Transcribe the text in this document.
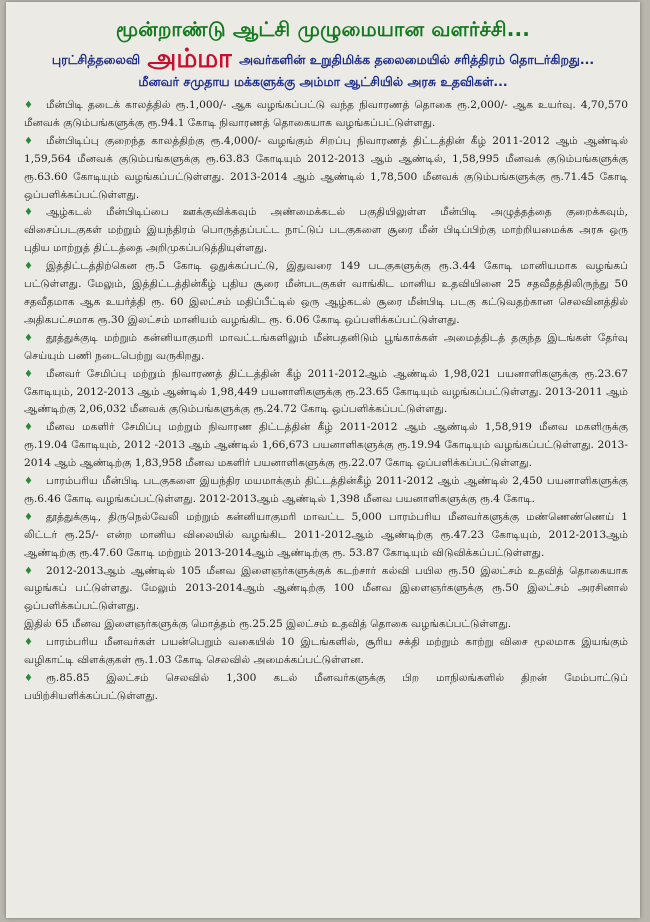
மூன்றாண்டு ஆட்சி முழுமையான வளர்ச்சி...
புரட்சித்தலைவி அம்மா அவர்களின் உறுதிமிக்க தலைமையில் சரித்திரம் தொடர்கிறது...
மீனவர் சமுதாய மக்களுக்கு அம்மா ஆட்சியில் அரசு உதவிகள்...

♦ மீன்பிடி தடைக் காலத்தில் ரூ.1,000/- ஆக வழங்கப்பட்டு வந்த நிவாரணத் தொகை ரூ.2,000/- ஆக உயர்வு. 4,70,570 மீனவக் குடும்பங்களுக்கு ரூ.94.1 கோடி நிவாரணத் தொகையாக வழங்கப்பட்டுள்ளது.

♦ மீன்பிடிப்பு குறைந்த காலத்திற்கு ரூ.4,000/- வழங்கும் சிறப்பு நிவாரணத் திட்டத்தின் கீழ் 2011-2012 ஆம் ஆண்டில் 1,59,564 மீனவக் குடும்பங்களுக்கு ரூ.63.83 கோடியும் 2012-2013 ஆம் ஆண்டில், 1,58,995 மீனவக் குடும்பங்களுக்கு ரூ.63.60 கோடியும் வழங்கப்பட்டுள்ளது. 2013-2014 ஆம் ஆண்டில் 1,78,500 மீனவக் குடும்பங்களுக்கு ரூ.71.45 கோடி ஒப்பளிக்கப்பட்டுள்ளது.

♦ ஆழ்கடல் மீன்பிடிப்பை ஊக்குவிக்கவும் அண்மைக்கடல் பகுதியிலுள்ள மீன்பிடி அழுத்தத்தை குறைக்கவும், விசைப்படகுகள் மற்றும் இயந்திரம் பொருத்தப்பட்ட நாட்டுப் படகுகளை சூரை மீன் பிடிப்பிற்கு மாற்றியமைக்க அரசு ஒரு புதிய மாற்றுத் திட்டத்தை அறிமுகப்படுத்தியுள்ளது.

♦ இத்திட்டத்திற்கென ரூ.5 கோடி ஒதுக்கப்பட்டு, இதுவரை 149 படகுகளுக்கு ரூ.3.44 கோடி மானியமாக வழங்கப் பட்டுள்ளது. மேலும், இத்திட்டத்தின்கீழ் புதிய சூரை மீன்படகுகள் வாங்கிட மானிய உதவியினை 25 சதவீதத்திலிருந்து 50 சதவீதமாக ஆக உயர்த்தி ரூ. 60 இலட்சம் மதிப்பீட்டில் ஒரு ஆழ்கடல் சூரை மீன்பிடி படகு கட்டுவதற்கான செலவினத்தில் அதிகபட்சமாக ரூ.30 இலட்சம் மானியம் வழங்கிட ரூ. 6.06 கோடி ஒப்பளிக்கப்பட்டுள்ளது.

♦ தூத்துக்குடி மற்றும் கன்னியாகுமரி மாவட்டங்களிலும் மீன்பதனிடும் பூங்காக்கள் அமைத்திடத் தகுந்த இடங்கள் தேர்வு செய்யும் பணி நடைபெற்று வருகிறது.

♦ மீனவர் சேமிப்பு மற்றும் நிவாரணத் திட்டத்தின் கீழ் 2011-2012ஆம் ஆண்டில் 1,98,021 பயனாளிகளுக்கு ரூ.23.67 கோடியும், 2012-2013 ஆம் ஆண்டில் 1,98,449 பயனாளிகளுக்கு ரூ.23.65 கோடியும் வழங்கப்பட்டுள்ளது. 2013-2011 ஆம் ஆண்டிற்கு 2,06,032 மீனவக் குடும்பங்களுக்கு ரூ.24.72 கோடி ஒப்பளிக்கப்பட்டுள்ளது.

♦ மீனவ மகளிர் சேமிப்பு மற்றும் நிவாரண திட்டத்தின் கீழ் 2011-2012 ஆம் ஆண்டில் 1,58,919 மீனவ மகளிருக்கு ரூ.19.04 கோடியும், 2012 -2013 ஆம் ஆண்டில் 1,66,673 பயனாளிகளுக்கு ரூ.19.94 கோடியும் வழங்கப்பட்டுள்ளது. 2013-2014 ஆம் ஆண்டிற்கு 1,83,958 மீனவ மகளிர் பயனாளிகளுக்கு ரூ.22.07 கோடி ஒப்பளிக்கப்பட்டுள்ளது.

♦ பாரம்பரிய மீன்பிடி படகுகளை இயந்திர மயமாக்கும் திட்டத்தின்கீழ் 2011-2012 ஆம் ஆண்டில் 2,450 பயனாளிகளுக்கு ரூ.6.46 கோடி வழங்கப்பட்டுள்ளது. 2012-2013ஆம் ஆண்டில் 1,398 மீனவ பயனாளிகளுக்கு ரூ.4 கோடி.

♦ தூத்துக்குடி, திருநெல்வேலி மற்றும் கன்னியாகுமரி மாவட்ட 5,000 பாரம்பரிய மீனவர்களுக்கு மண்ணெண்ணெய் 1 லிட்டர் ரூ.25/- என்ற மானிய விலையில் வழங்கிட 2011-2012ஆம் ஆண்டிற்கு ரூ.47.23 கோடியும், 2012-2013ஆம் ஆண்டிற்கு ரூ.47.60 கோடி மற்றும் 2013-2014ஆம் ஆண்டிற்கு ரூ. 53.87 கோடியும் விடுவிக்கப்பட்டுள்ளது.

♦ 2012-2013ஆம் ஆண்டில் 105 மீனவ இளைஞர்களுக்குக் கடற்சார் கல்வி பயில ரூ.50 இலட்சம் உதவித் தொகையாக வழங்கப் பட்டுள்ளது. மேலும் 2013-2014ஆம் ஆண்டிற்கு 100 மீனவ இளைஞர்களுக்கு ரூ.50 இலட்சம் அரசினால் ஒப்பளிக்கப்பட்டுள்ளது.

இதில் 65 மீனவ இளைஞர்களுக்கு மொத்தம் ரூ.25.25 இலட்சம் உதவித் தொகை வழங்கப்பட்டுள்ளது.

♦ பாரம்பரிய மீனவர்கள் பயன்பெறும் வகையில் 10 இடங்களில், சூரிய சக்தி மற்றும் காற்று விசை மூலமாக இயங்கும் வழிகாட்டி விளக்குகள் ரூ.1.03 கோடி செலவில் அமைக்கப்பட்டுள்ளன.

♦ ரூ.85.85 இலட்சம் செலவில் 1,300 கடல் மீனவர்களுக்கு பிற மாநிலங்களில் திறன் மேம்பாட்டுப் பயிற்சியளிக்கப்பட்டுள்ளது.
